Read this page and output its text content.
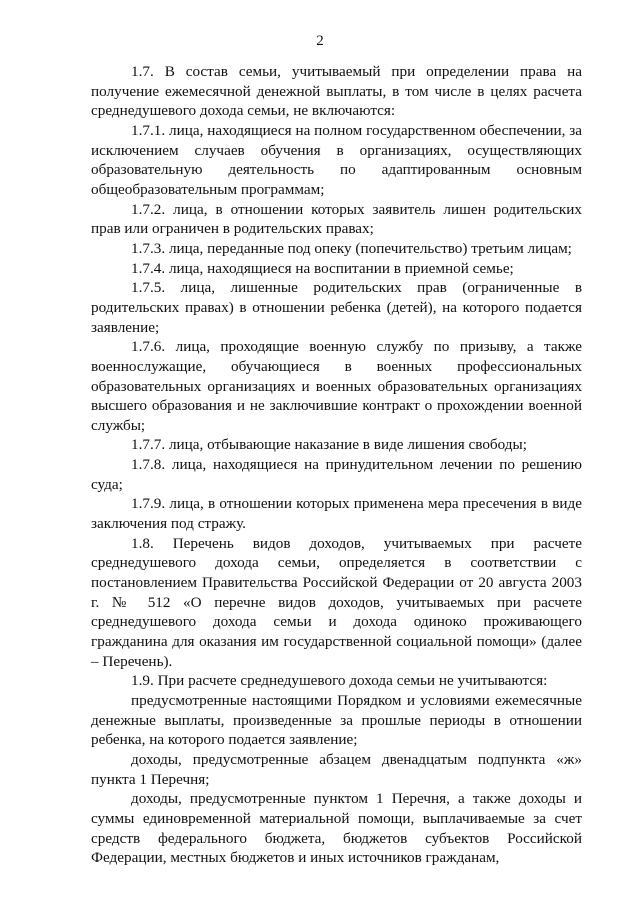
2

1.7. В состав семьи, учитываемый при определении права на получение ежемесячной денежной выплаты, в том числе в целях расчета среднедушевого дохода семьи, не включаются:

1.7.1. лица, находящиеся на полном государственном обеспечении, за исключением случаев обучения в организациях, осуществляющих образовательную деятельность по адаптированным основным общеобразовательным программам;

1.7.2. лица, в отношении которых заявитель лишен родительских прав или ограничен в родительских правах;

1.7.3. лица, переданные под опеку (попечительство) третьим лицам;

1.7.4. лица, находящиеся на воспитании в приемной семье;

1.7.5. лица, лишенные родительских прав (ограниченные в родительских правах) в отношении ребенка (детей), на которого подается заявление;

1.7.6. лица, проходящие военную службу по призыву, а также военнослужащие, обучающиеся в военных профессиональных образовательных организациях и военных образовательных организациях высшего образования и не заключившие контракт о прохождении военной службы;

1.7.7. лица, отбывающие наказание в виде лишения свободы;

1.7.8. лица, находящиеся на принудительном лечении по решению суда;

1.7.9. лица, в отношении которых применена мера пресечения в виде заключения под стражу.

1.8. Перечень видов доходов, учитываемых при расчете среднедушевого дохода семьи, определяется в соответствии с постановлением Правительства Российской Федерации от 20 августа 2003 г. № 512 «О перечне видов доходов, учитываемых при расчете среднедушевого дохода семьи и дохода одиноко проживающего гражданина для оказания им государственной социальной помощи» (далее – Перечень).

1.9. При расчете среднедушевого дохода семьи не учитываются:

предусмотренные настоящими Порядком и условиями ежемесячные денежные выплаты, произведенные за прошлые периоды в отношении ребенка, на которого подается заявление;

доходы, предусмотренные абзацем двенадцатым подпункта «ж» пункта 1 Перечня;

доходы, предусмотренные пунктом 1 Перечня, а также доходы и суммы единовременной материальной помощи, выплачиваемые за счет средств федерального бюджета, бюджетов субъектов Российской Федерации, местных бюджетов и иных источников гражданам,
